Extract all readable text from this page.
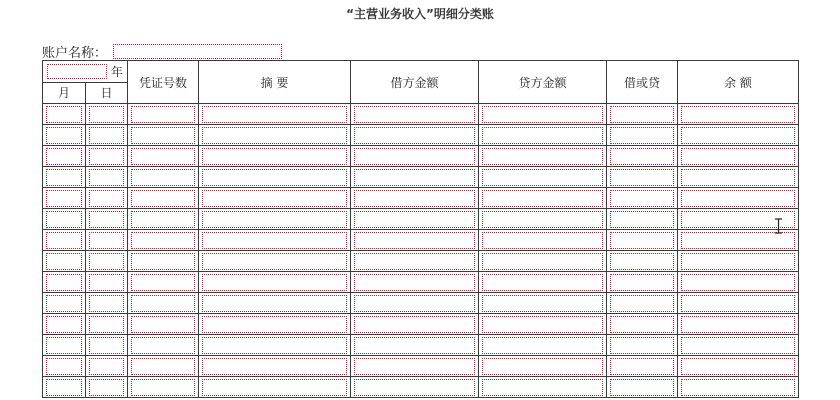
“主营业务收入”明细分类账
账户名称：
年		凭证号数	摘 要	借方金额	贷方金额	借或贷	余 额
月	日						
